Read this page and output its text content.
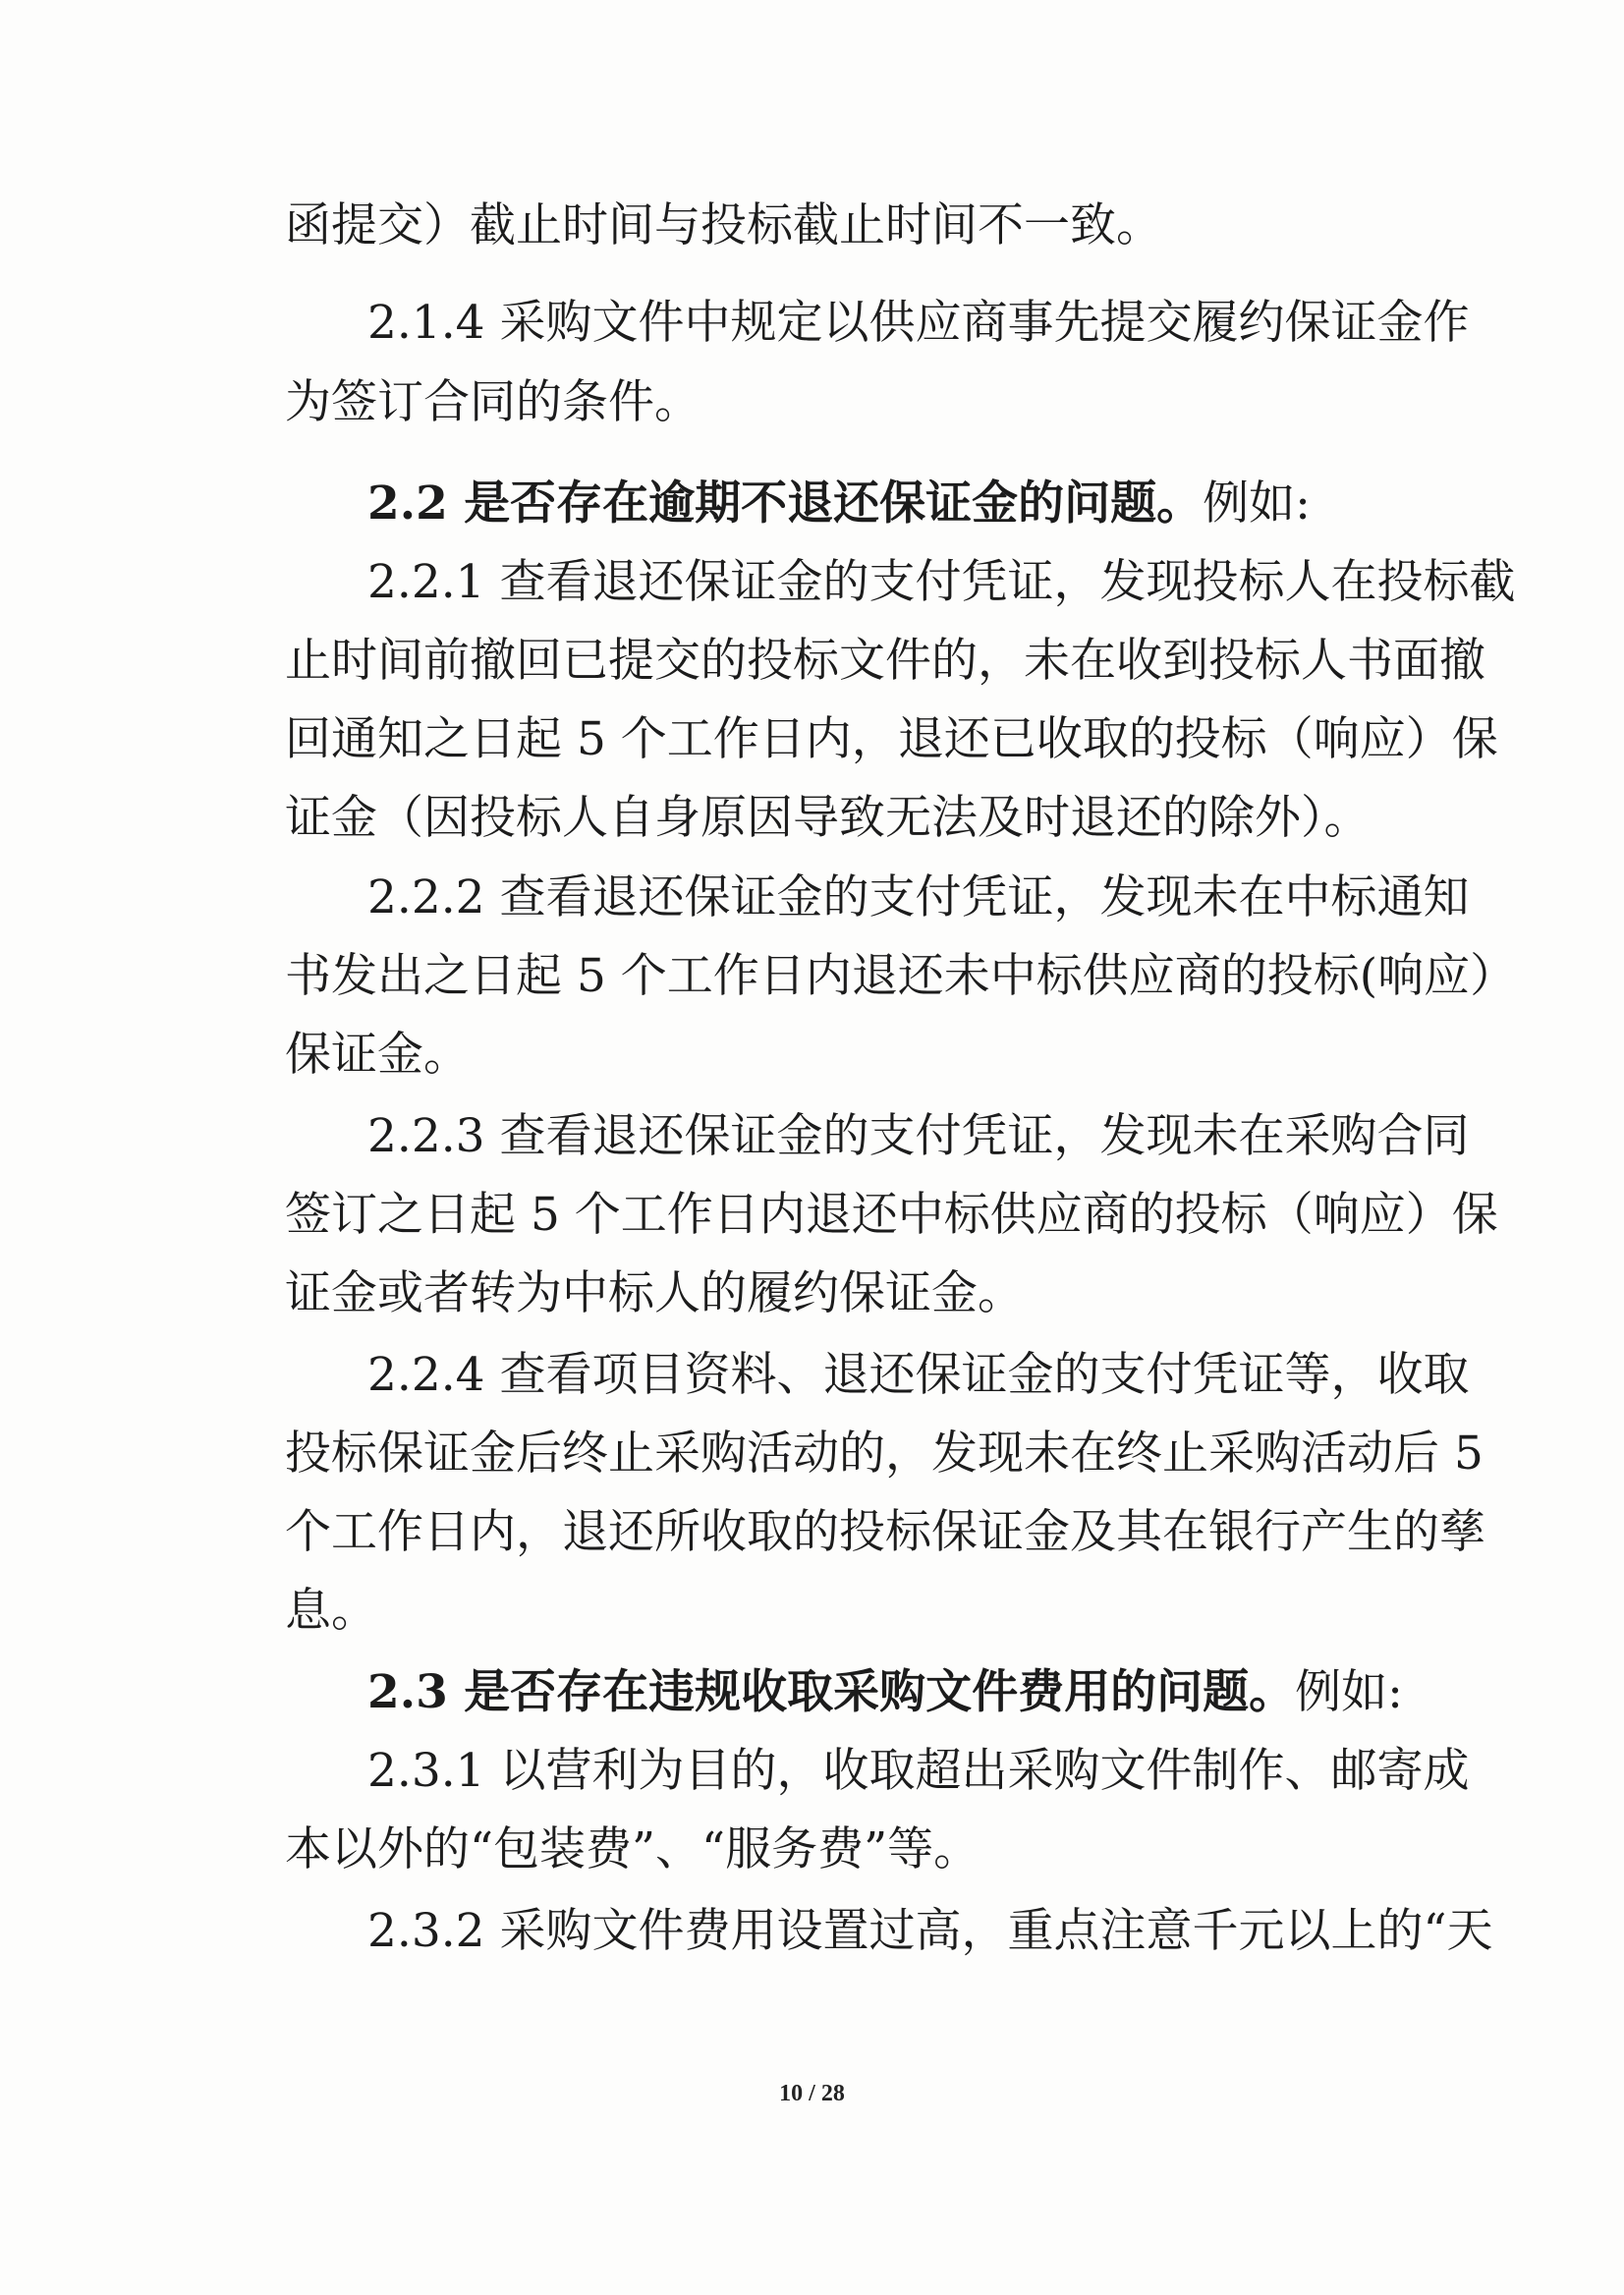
函提交）截止时间与投标截止时间不一致。
2.1.4 采购文件中规定以供应商事先提交履约保证金作
为签订合同的条件。
2.2 是否存在逾期不退还保证金的问题。例如:
2.2.1 查看退还保证金的支付凭证，发现投标人在投标截
止时间前撤回已提交的投标文件的，未在收到投标人书面撤
回通知之日起 5 个工作日内，退还已收取的投标（响应）保
证金（因投标人自身原因导致无法及时退还的除外）。
2.2.2 查看退还保证金的支付凭证，发现未在中标通知
书发出之日起 5 个工作日内退还未中标供应商的投标(响应）
保证金。
2.2.3 查看退还保证金的支付凭证，发现未在采购合同
签订之日起 5 个工作日内退还中标供应商的投标（响应）保
证金或者转为中标人的履约保证金。
2.2.4 查看项目资料、退还保证金的支付凭证等，收取
投标保证金后终止采购活动的，发现未在终止采购活动后 5
个工作日内，退还所收取的投标保证金及其在银行产生的孳
息。
2.3 是否存在违规收取采购文件费用的问题。例如:
2.3.1 以营利为目的，收取超出采购文件制作、邮寄成
本以外的“包装费”、“服务费”等。
2.3.2 采购文件费用设置过高，重点注意千元以上的“天
10 / 28
